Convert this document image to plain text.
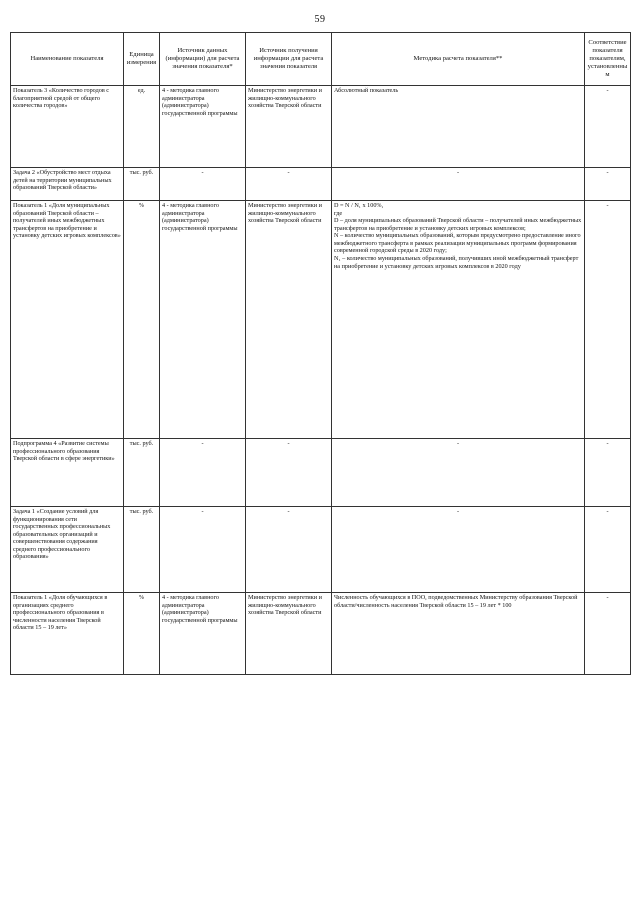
59
Наименование показателя	Единица измерения	Источник данных (информации) для расчета значения показателя*	Источник получения информации для расчета значения показателя	Методика расчета показателя**	Соответствие показателя показателям, установленным
Показатель 3 «Количество городов с благоприятной средой от общего количества городов»	ед.	4 - методика главного администратора (администратора) государственной программы	Министерство энергетики и жилищно-коммунального хозяйства Тверской области	Абсолютный показатель	-
Задача 2 «Обустройство мест отдыха детей на территории муниципальных образований Тверской области»	тыс. руб.	-	-	-	-
Показатель 1 «Доля муниципальных образований Тверской области – получателей иных межбюджетных трансфертов на приобретение и установку детских игровых комплексов»	%	4 - методика главного администратора (администратора) государственной программы	Министерство энергетики и жилищно-коммунального хозяйства Тверской области	D = N / N₁ x 100%,
где
D – доля муниципальных образований Тверской области – получателей иных межбюджетных трансфертов на приобретение и установку детских игровых комплексов;
N – количество муниципальных образований, которым предусмотрено предоставление иного межбюджетного трансферта в рамках реализации муниципальных программ формирования современной городской среды в 2020 году;
N₁ – количество муниципальных образований, получивших иной межбюджетный трансферт на приобретение и установку детских игровых комплексов в 2020 году	-
Подпрограмма 4 «Развитие системы профессионального образования Тверской области в сфере энергетики»	тыс. руб.	-	-	-	-
Задача 1 «Создание условий для функционирования сети государственных профессиональных образовательных организаций и совершенствования содержания среднего профессионального образования»	тыс. руб.	-	-	-	-
Показатель 1 «Доля обучающихся в организациях среднего профессионального образования в численности населения Тверской области 15 – 19 лет»	%	4 - методика главного администратора (администратора) государственной программы	Министерство энергетики и жилищно-коммунального хозяйства Тверской области	Численность обучающихся в ПОО, подведомственных Министерству образования Тверской области/численность населения Тверской области 15 – 19 лет * 100	-
